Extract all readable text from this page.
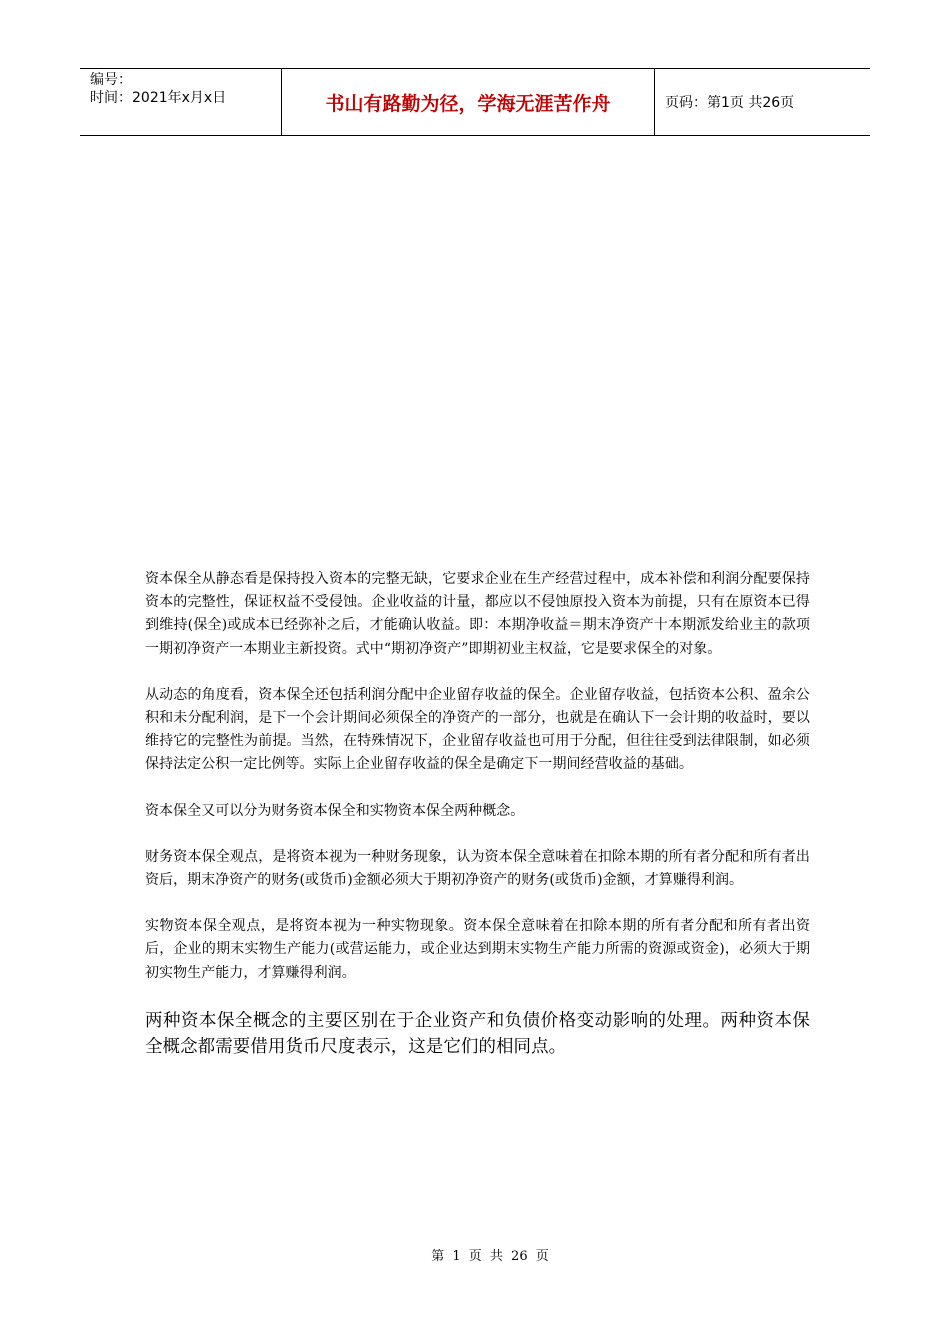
编号：
时间：2021年x月x日	书山有路勤为径，学海无涯苦作舟	页码：第1页 共26页

资本保全从静态看是保持投入资本的完整无缺，它要求企业在生产经营过程中，成本补偿和利润分配要保持资本的完整性，保证权益不受侵蚀。企业收益的计量，都应以不侵蚀原投入资本为前提，只有在原资本已得到维持(保全)或成本已经弥补之后，才能确认收益。即：本期净收益＝期末净资产十本期派发给业主的款项一期初净资产一本期业主新投资。式中“期初净资产”即期初业主权益，它是要求保全的对象。

从动态的角度看，资本保全还包括利润分配中企业留存收益的保全。企业留存收益，包括资本公积、盈余公积和未分配利润，是下一个会计期间必须保全的净资产的一部分，也就是在确认下一会计期的收益时，要以维持它的完整性为前提。当然，在特殊情况下，企业留存收益也可用于分配，但往往受到法律限制，如必须保持法定公积一定比例等。实际上企业留存收益的保全是确定下一期间经营收益的基础。

资本保全又可以分为财务资本保全和实物资本保全两种概念。

财务资本保全观点，是将资本视为一种财务现象，认为资本保全意味着在扣除本期的所有者分配和所有者出资后，期末净资产的财务(或货币)金额必须大于期初净资产的财务(或货币)金额，才算赚得利润。

实物资本保全观点，是将资本视为一种实物现象。资本保全意味着在扣除本期的所有者分配和所有者出资后，企业的期末实物生产能力(或营运能力，或企业达到期末实物生产能力所需的资源或资金)，必须大于期初实物生产能力，才算赚得利润。

两种资本保全概念的主要区别在于企业资产和负债价格变动影响的处理。两种资本保全概念都需要借用货币尺度表示，这是它们的相同点。

第 1 页 共 26 页
